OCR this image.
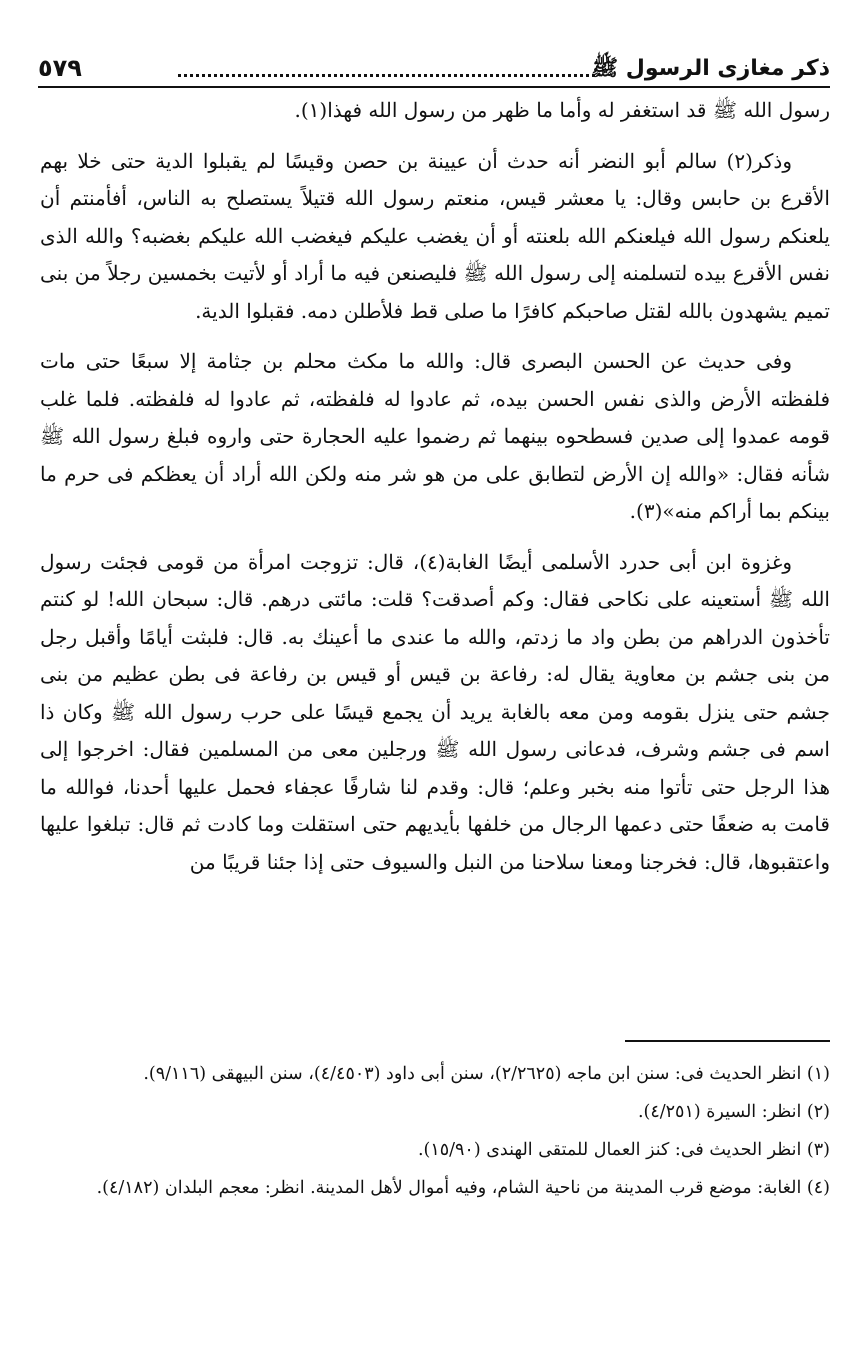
ذكر مغازى الرسول ﷺ
٥٧٩

رسول الله ﷺ قد استغفر له وأما ما ظهر من رسول الله فهذا(١).

وذكر(٢) سالم أبو النضر أنه حدث أن عيينة بن حصن وقيسًا لم يقبلوا الدية حتى خلا بهم الأقرع بن حابس وقال: يا معشر قيس، منعتم رسول الله قتيلاً يستصلح به الناس، أفأمنتم أن يلعنكم رسول الله فيلعنكم الله بلعنته أو أن يغضب عليكم فيغضب الله عليكم بغضبه؟ والله الذى نفس الأقرع بيده لتسلمنه إلى رسول الله ﷺ فليصنعن فيه ما أراد أو لأتيت بخمسين رجلاً من بنى تميم يشهدون بالله لقتل صاحبكم كافرًا ما صلى قط فلأطلن دمه. فقبلوا الدية.

وفى حديث عن الحسن البصرى قال: والله ما مكث محلم بن جثامة إلا سبعًا حتى مات فلفظته الأرض والذى نفس الحسن بيده، ثم عادوا له فلفظته، ثم عادوا له فلفظته. فلما غلب قومه عمدوا إلى صدين فسطحوه بينهما ثم رضموا عليه الحجارة حتى واروه فبلغ رسول الله ﷺ شأنه فقال: «والله إن الأرض لتطابق على من هو شر منه ولكن الله أراد أن يعظكم فى حرم ما بينكم بما أراكم منه»(٣).

وغزوة ابن أبى حدرد الأسلمى أيضًا الغابة(٤)، قال: تزوجت امرأة من قومى فجئت رسول الله ﷺ أستعينه على نكاحى فقال: وكم أصدقت؟ قلت: مائتى درهم. قال: سبحان الله! لو كنتم تأخذون الدراهم من بطن واد ما زدتم، والله ما عندى ما أعينك به. قال: فلبثت أيامًا وأقبل رجل من بنى جشم بن معاوية يقال له: رفاعة بن قيس أو قيس بن رفاعة فى بطن عظيم من بنى جشم حتى ينزل بقومه ومن معه بالغابة يريد أن يجمع قيسًا على حرب رسول الله ﷺ وكان ذا اسم فى جشم وشرف، فدعانى رسول الله ﷺ ورجلين معى من المسلمين فقال: اخرجوا إلى هذا الرجل حتى تأتوا منه بخبر وعلم؛ قال: وقدم لنا شارفًا عجفاء فحمل عليها أحدنا، فوالله ما قامت به ضعفًا حتى دعمها الرجال من خلفها بأيديهم حتى استقلت وما كادت ثم قال: تبلغوا عليها واعتقبوها، قال: فخرجنا ومعنا سلاحنا من النبل والسيوف حتى إذا جئنا قريبًا من

(١) انظر الحديث فى: سنن ابن ماجه (٢/٢٦٢٥)، سنن أبى داود (٤/٤٥٠٣)، سنن البيهقى (٩/١١٦).

(٢) انظر: السيرة (٤/٢٥١).

(٣) انظر الحديث فى: كنز العمال للمتقى الهندى (١٥/٩٠).

(٤) الغابة: موضع قرب المدينة من ناحية الشام، وفيه أموال لأهل المدينة. انظر: معجم البلدان (٤/١٨٢).
